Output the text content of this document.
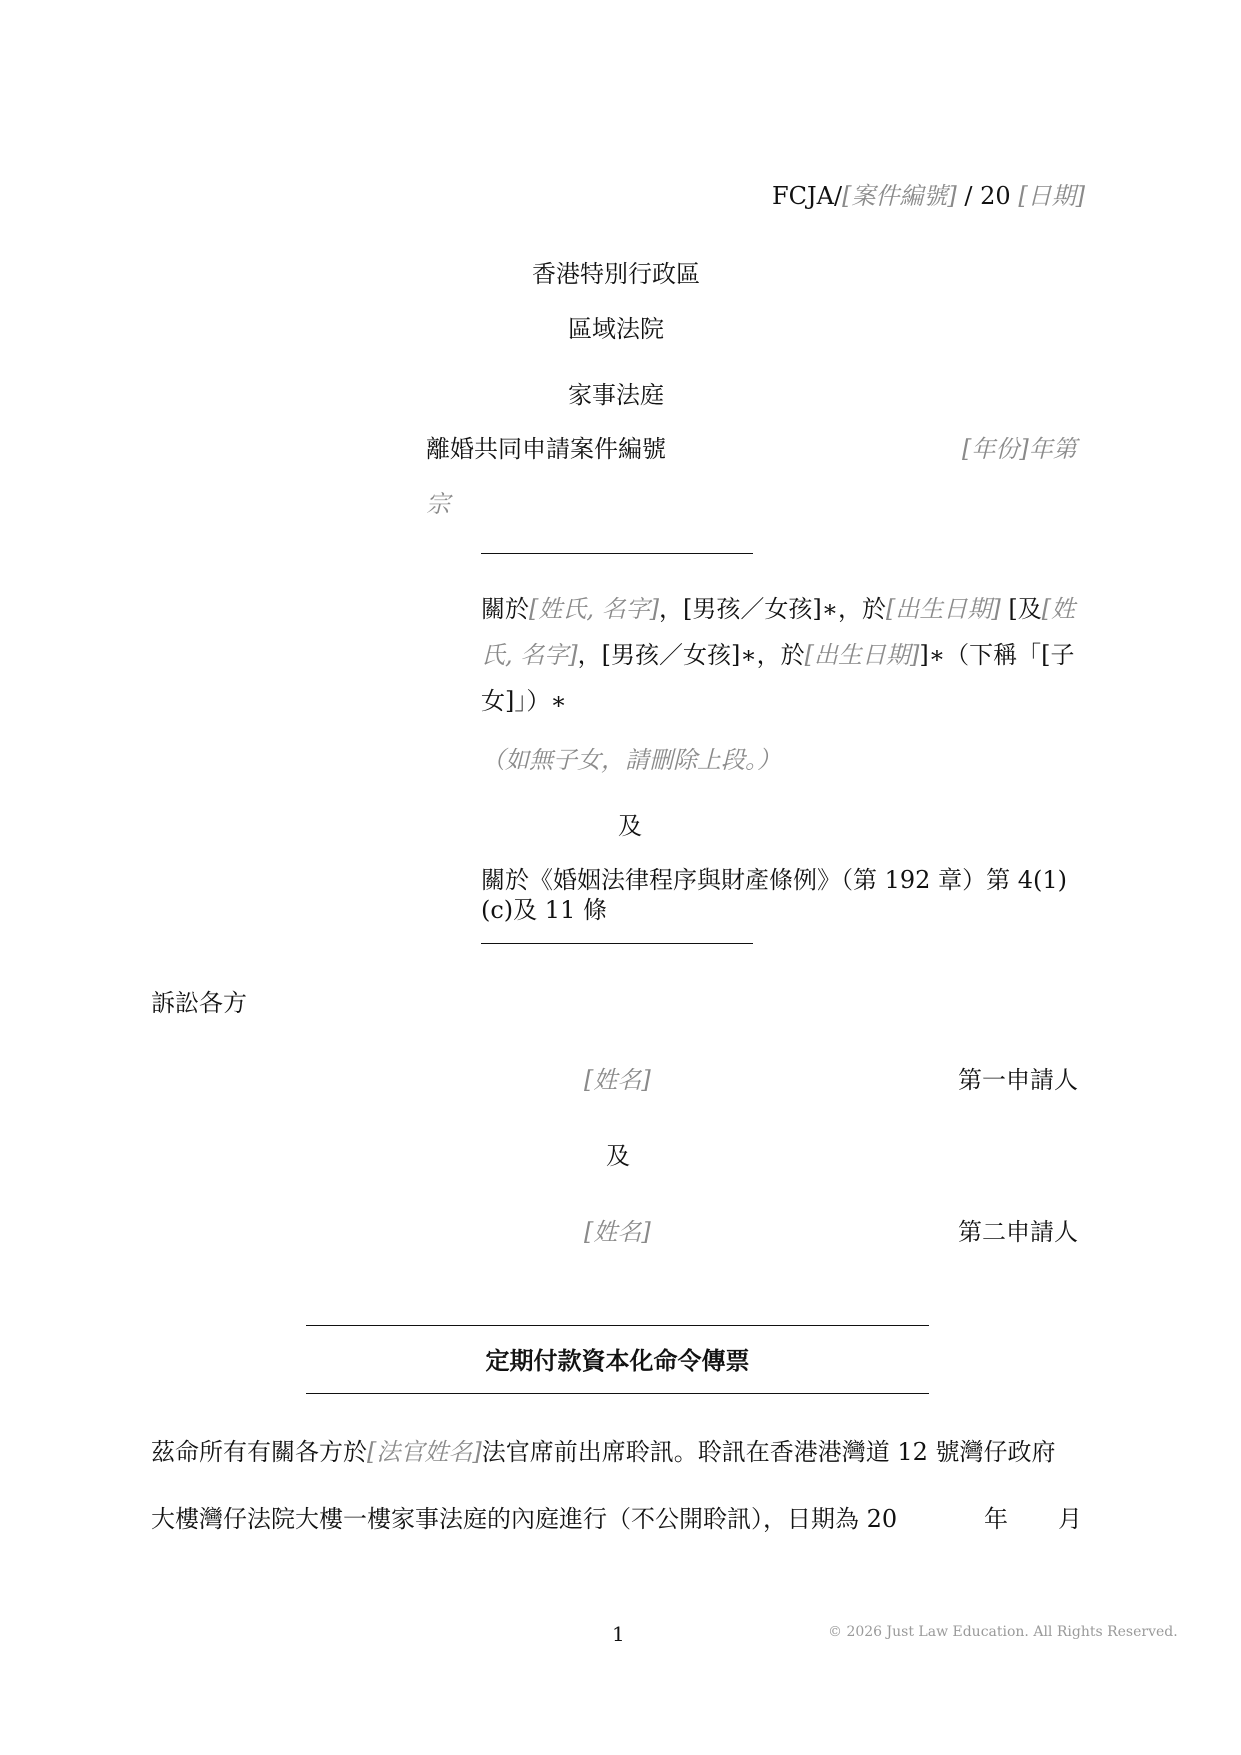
FCJA/[案件編號] / 20 [日期]
香港特別行政區
區域法院
家事法庭
離婚共同申請案件編號	[年份]年第
宗
關於[姓氏, 名字]，[男孩／女孩]∗，於[出生日期] [及[姓氏, 名字]，[男孩／女孩]∗，於[出生日期]]∗（下稱「[子女]」）∗
（如無子女，請刪除上段。）
及
關於《婚姻法律程序與財產條例》（第 192 章）第 4(1)(c)及 11 條
訴訟各方
[姓名]	第一申請人
及
[姓名]	第二申請人
定期付款資本化命令傳票
茲命所有有關各方於[法官姓名]法官席前出席聆訊。聆訊在香港港灣道 12 號灣仔政府
大樓灣仔法院大樓一樓家事法庭的內庭進行（不公開聆訊），日期為 20	年 月
1	© 2026 Just Law Education. All Rights Reserved.
